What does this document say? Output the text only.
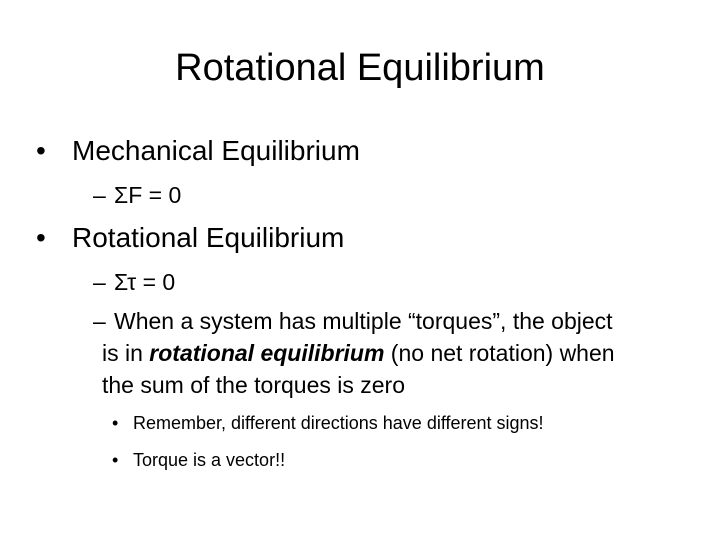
Rotational Equilibrium
• Mechanical Equilibrium
– ΣF = 0
• Rotational Equilibrium
– Στ = 0
– When a system has multiple “torques”, the object
is in rotational equilibrium (no net rotation) when
the sum of the torques is zero
• Remember, different directions have different signs!
• Torque is a vector!!
